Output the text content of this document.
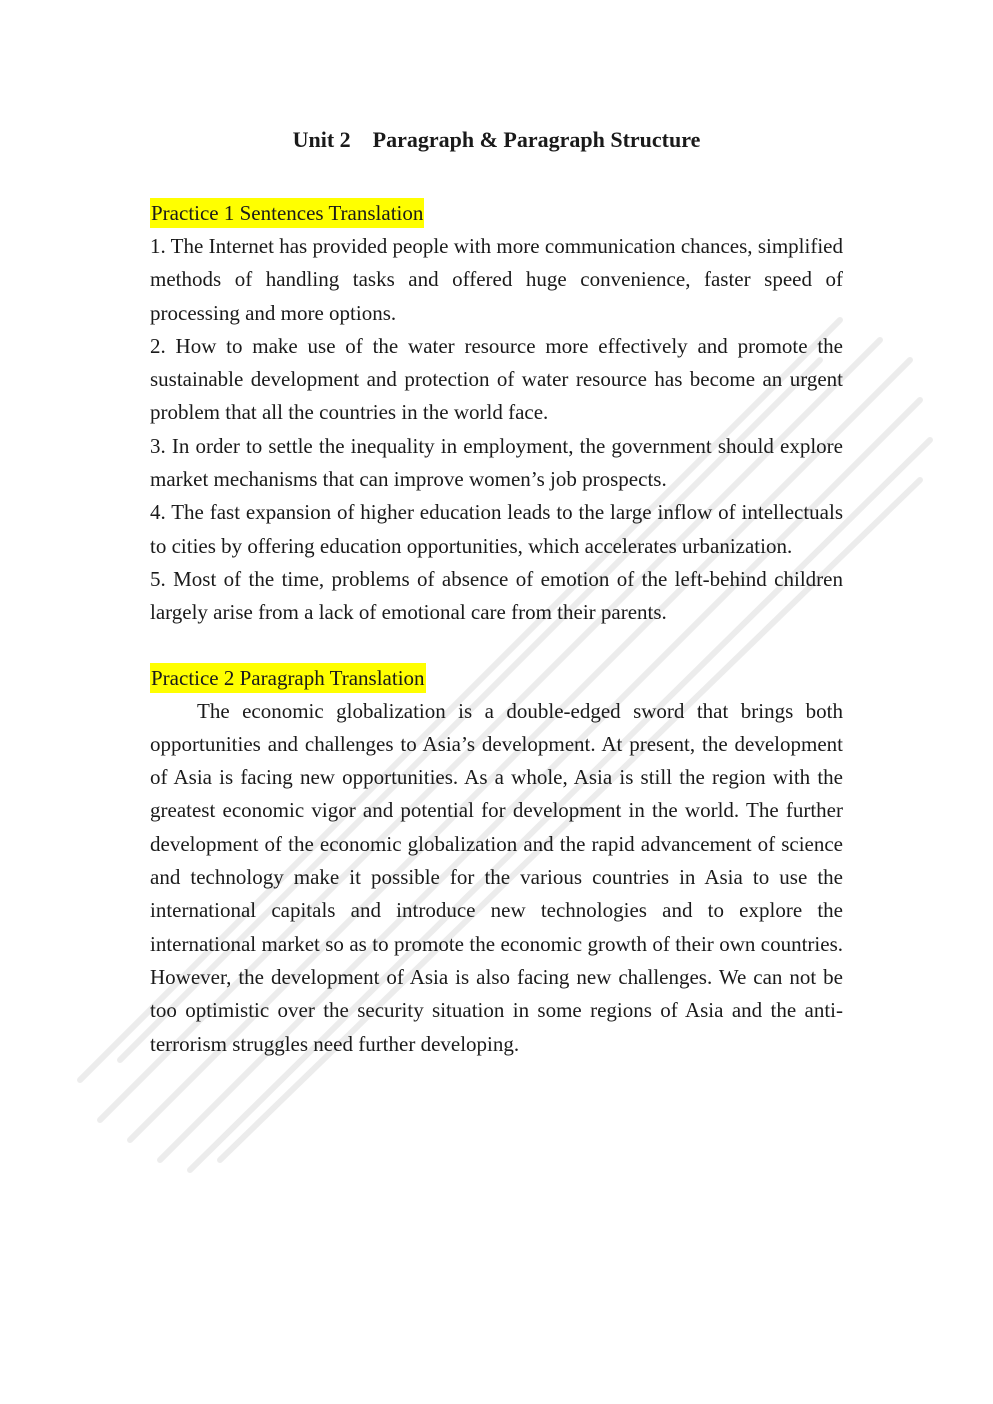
Unit 2    Paragraph & Paragraph Structure
Practice 1 Sentences Translation

1. The Internet has provided people with more communication chances, simplified methods of handling tasks and offered huge convenience, faster speed of processing and more options.

2. How to make use of the water resource more effectively and promote the sustainable development and protection of water resource has become an urgent problem that all the countries in the world face.

3. In order to settle the inequality in employment, the government should explore market mechanisms that can improve women’s job prospects.

4. The fast expansion of higher education leads to the large inflow of intellectuals to cities by offering education opportunities, which accelerates urbanization.

5. Most of the time, problems of absence of emotion of the left-behind children largely arise from a lack of emotional care from their parents.

Practice 2 Paragraph Translation

The economic globalization is a double-edged sword that brings both opportunities and challenges to Asia’s development. At present, the development of Asia is facing new opportunities. As a whole, Asia is still the region with the greatest economic vigor and potential for development in the world. The further development of the economic globalization and the rapid advancement of science and technology make it possible for the various countries in Asia to use the international capitals and introduce new technologies and to explore the international market so as to promote the economic growth of their own countries. However, the development of Asia is also facing new challenges. We can not be too optimistic over the security situation in some regions of Asia and the anti-terrorism struggles need further developing.
